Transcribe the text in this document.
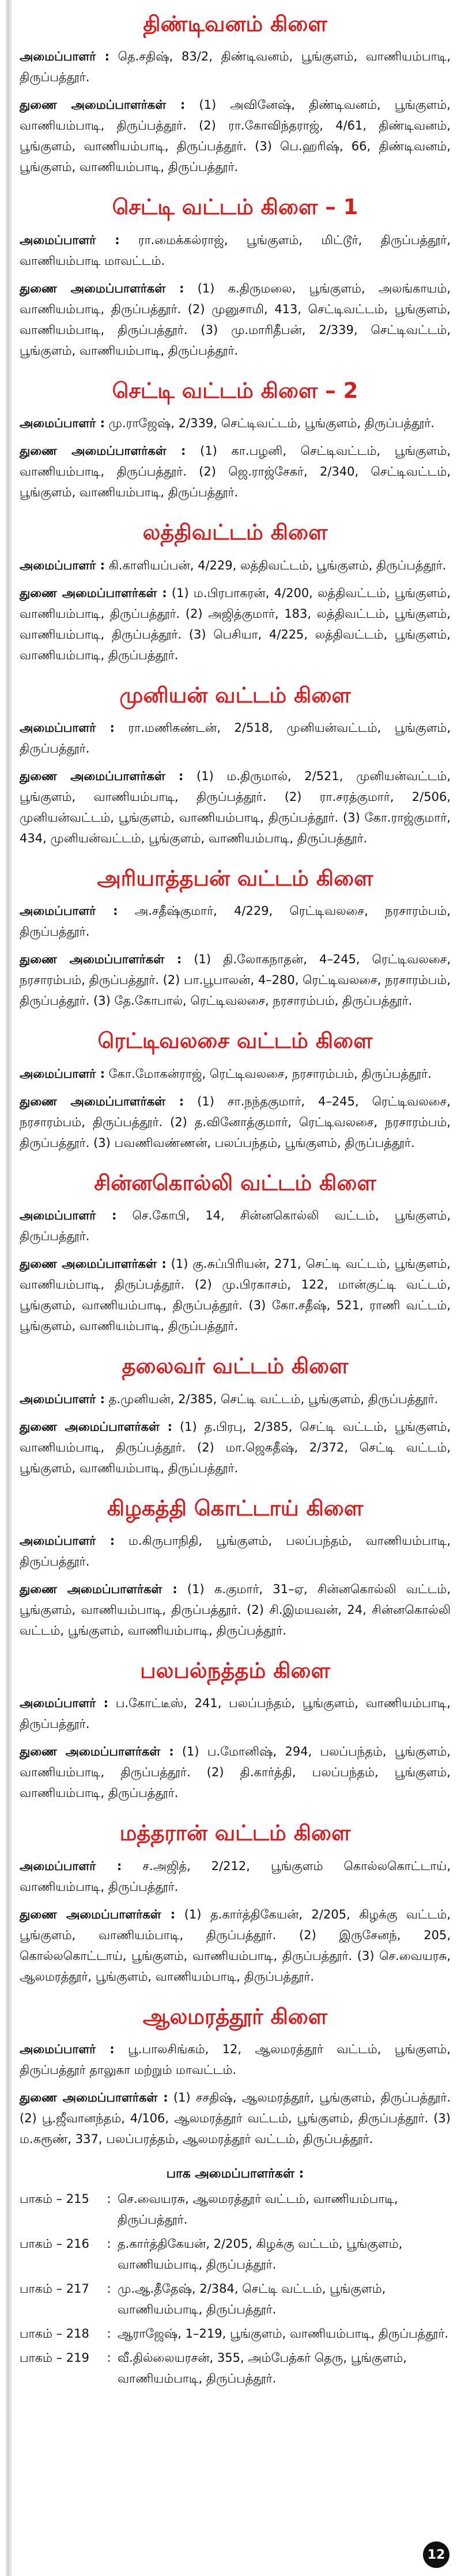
திண்டிவனம் கிளை
அமைப்பாளர் : தெ.சதிஷ், 83/2, திண்டிவனம், பூங்குளம், வாணியம்பாடி, திருப்பத்தூர்.
துணை அமைப்பாளர்கள் : (1) அவினேஷ், திண்டிவனம், பூங்குளம், வாணியம்பாடி, திருப்பத்தூர். (2) ரா.கோவிந்தராஜ், 4/61, திண்டிவனம், பூங்குளம், வாணியம்பாடி, திருப்பத்தூர். (3) பெ.ஹரிஷ், 66, திண்டிவனம், பூங்குளம், வாணியம்பாடி, திருப்பத்தூர்.
செட்டி வட்டம் கிளை – 1
அமைப்பாளர் : ரா.மைக்கல்ராஜ், பூங்குளம், மிட்டூர், திருப்பத்தூர், வாணியம்பாடி மாவட்டம்.
துணை அமைப்பாளர்கள் : (1) க.திருமலை, பூங்குளம், அலங்காயம், வாணியம்பாடி, திருப்பத்தூர். (2) முனுசாமி, 413, செட்டிவட்டம், பூங்குளம், வாணியம்பாடி, திருப்பத்தூர். (3) மு.மாரிதீபன், 2/339, செட்டிவட்டம், பூங்குளம், வாணியம்பாடி, திருப்பத்தூர்.
செட்டி வட்டம் கிளை – 2
அமைப்பாளர் : மு.ராஜேஷ், 2/339, செட்டிவட்டம், பூங்குளம், திருப்பத்தூர்.
துணை அமைப்பாளர்கள் : (1) கா.பழனி, செட்டிவட்டம், பூங்குளம், வாணியம்பாடி, திருப்பத்தூர். (2) ஜெ.ராஜ்சேகர், 2/340, செட்டிவட்டம், பூங்குளம், வாணியம்பாடி, திருப்பத்தூர்.
லத்திவட்டம் கிளை
அமைப்பாளர் : கி.காளியப்பன், 4/229, லத்திவட்டம், பூங்குளம், திருப்பத்தூர்.
துணை அமைப்பாளர்கள் : (1) ம.பிரபாகரன், 4/200, லத்திவட்டம், பூங்குளம், வாணியம்பாடி, திருப்பத்தூர். (2) அஜித்குமார், 183, லத்திவட்டம், பூங்குளம், வாணியம்பாடி, திருப்பத்தூர். (3) பெசியா, 4/225, லத்திவட்டம், பூங்குளம், வாணியம்பாடி, திருப்பத்தூர்.
முனியன் வட்டம் கிளை
அமைப்பாளர் : ரா.மணிகண்டன், 2/518, முனியன்வட்டம், பூங்குளம், திருப்பத்தூர்.
துணை அமைப்பாளர்கள் : (1) ம.திருமால், 2/521, முனியன்வட்டம், பூங்குளம், வாணியம்பாடி, திருப்பத்தூர். (2) ரா.சரத்குமார், 2/506, முனியன்வட்டம், பூங்குளம், வாணியம்பாடி, திருப்பத்தூர். (3) கோ.ராஜ்குமார், 434, முனியன்வட்டம், பூங்குளம், வாணியம்பாடி, திருப்பத்தூர்.
அரியாத்தபன் வட்டம் கிளை
அமைப்பாளர் : அ.சதீஷ்குமார், 4/229, ரெட்டிவலசை, நரசாரம்பம், திருப்பத்தூர்.
துணை அமைப்பாளர்கள் : (1) தி.லோகநாதன், 4–245, ரெட்டிவலசை, நரசாரம்பம், திருப்பத்தூர். (2) பா.பூபாலன், 4–280, ரெட்டிவலசை, நரசாரம்பம், திருப்பத்தூர். (3) தே.கோபால், ரெட்டிவலசை, நரசாரம்பம், திருப்பத்தூர்.
ரெட்டிவலசை வட்டம் கிளை
அமைப்பாளர் : கோ.மோகன்ராஜ், ரெட்டிவலசை, நரசாரம்பம், திருப்பத்தூர்.
துணை அமைப்பாளர்கள் : (1) சா.நந்தகுமார், 4–245, ரெட்டிவலசை, நரசாரம்பம், திருப்பத்தூர். (2) த.வினோத்குமார், ரெட்டிவலசை, நரசாரம்பம், திருப்பத்தூர். (3) பவணிவண்ணன், பலப்பந்தம், பூங்குளம், திருப்பத்தூர்.
சின்னகொல்லி வட்டம் கிளை
அமைப்பாளர் : செ.கோபி, 14, சின்னகொல்லி வட்டம், பூங்குளம், திருப்பத்தூர்.
துணை அமைப்பாளர்கள் : (1) கு.சுப்பிரியன், 271, செட்டி வட்டம், பூங்குளம், வாணியம்பாடி, திருப்பத்தூர். (2) மு.பிரகாசம், 122, மான்குட்டி வட்டம், பூங்குளம், வாணியம்பாடி, திருப்பத்தூர். (3) கோ.சதீஷ், 521, ராணி வட்டம், பூங்குளம், வாணியம்பாடி, திருப்பத்தூர்.
தலைவர் வட்டம் கிளை
அமைப்பாளர் : த.முனியன், 2/385, செட்டி வட்டம், பூங்குளம், திருப்பத்தூர்.
துணை அமைப்பாளர்கள் : (1) த.பிரபு, 2/385, செட்டி வட்டம், பூங்குளம், வாணியம்பாடி, திருப்பத்தூர். (2) மா.ஜெகதீஷ், 2/372, செட்டி வட்டம், பூங்குளம், வாணியம்பாடி, திருப்பத்தூர்.
கிழகத்தி கொட்டாய் கிளை
அமைப்பாளர் : ம.கிருபாநிதி, பூங்குளம், பலப்பந்தம், வாணியம்பாடி, திருப்பத்தூர்.
துணை அமைப்பாளர்கள் : (1) க.குமார், 31–ஏ, சின்னகொல்லி வட்டம், பூங்குளம், வாணியம்பாடி, திருப்பத்தூர். (2) சி.இமயவன், 24, சின்னகொல்லி வட்டம், பூங்குளம், வாணியம்பாடி, திருப்பத்தூர்.
பலபல்நத்தம் கிளை
அமைப்பாளர் : ப.கோட்டீஸ், 241, பலப்பந்தம், பூங்குளம், வாணியம்பாடி, திருப்பத்தூர்.
துணை அமைப்பாளர்கள் : (1) ப.மோனிஷ், 294, பலப்பந்தம், பூங்குளம், வாணியம்பாடி, திருப்பத்தூர். (2) தி.கார்த்தி, பலப்பந்தம், பூங்குளம், வாணியம்பாடி, திருப்பத்தூர்.
மத்தரான் வட்டம் கிளை
அமைப்பாளர் : ச.அஜித், 2/212, பூங்குளம் கொல்லகொட்டாய், வாணியம்பாடி, திருப்பத்தூர்.
துணை அமைப்பாளர்கள் : (1) த.கார்த்திகேயன், 2/205, கிழக்கு வட்டம், பூங்குளம், வாணியம்பாடி, திருப்பத்தூர். (2) இருசேனந், 205, கொல்லகொட்டாய், பூங்குளம், வாணியம்பாடி, திருப்பத்தூர். (3) செ.வையரசு, ஆலமரத்தூர், பூங்குளம், வாணியம்பாடி, திருப்பத்தூர்.
ஆலமரத்தூர் கிளை
அமைப்பாளர் : பூ.பாலசிங்கம், 12, ஆலமரத்தூர் வட்டம், பூங்குளம், திருப்பத்தூர் தாலுகா மற்றும் மாவட்டம்.
துணை அமைப்பாளர்கள் : (1) சசதிஷ், ஆலமரத்தூர், பூங்குளம், திருப்பத்தூர். (2) பூ.ஜீவானந்தம், 4/106, ஆலமரத்தூர் வட்டம், பூங்குளம், திருப்பத்தூர். (3) ம.கரூண், 337, பலப்பரத்தம், ஆலமரத்தூர் வட்டம், திருப்பத்தூர்.
பாக அமைப்பாளர்கள் :
பாகம் – 215	: செ.வையரசு, ஆலமரத்தூர் வட்டம், வாணியம்பாடி, திருப்பத்தூர்.
பாகம் – 216	: த.கார்த்திகேயன், 2/205, கிழக்கு வட்டம், பூங்குளம், வாணியம்பாடி, திருப்பத்தூர்.
பாகம் – 217	: மு.ஆ.தீதேஷ், 2/384, செட்டி வட்டம், பூங்குளம், வாணியம்பாடி, திருப்பத்தூர்.
பாகம் – 218	: ஆராஜேஷ், 1–219, பூங்குளம், வாணியம்பாடி, திருப்பத்தூர்.
பாகம் – 219	: வீ.தில்லையரசன், 355, அம்பேத்கர் தெரு, பூங்குளம், வாணியம்பாடி, திருப்பத்தூர்.
12
